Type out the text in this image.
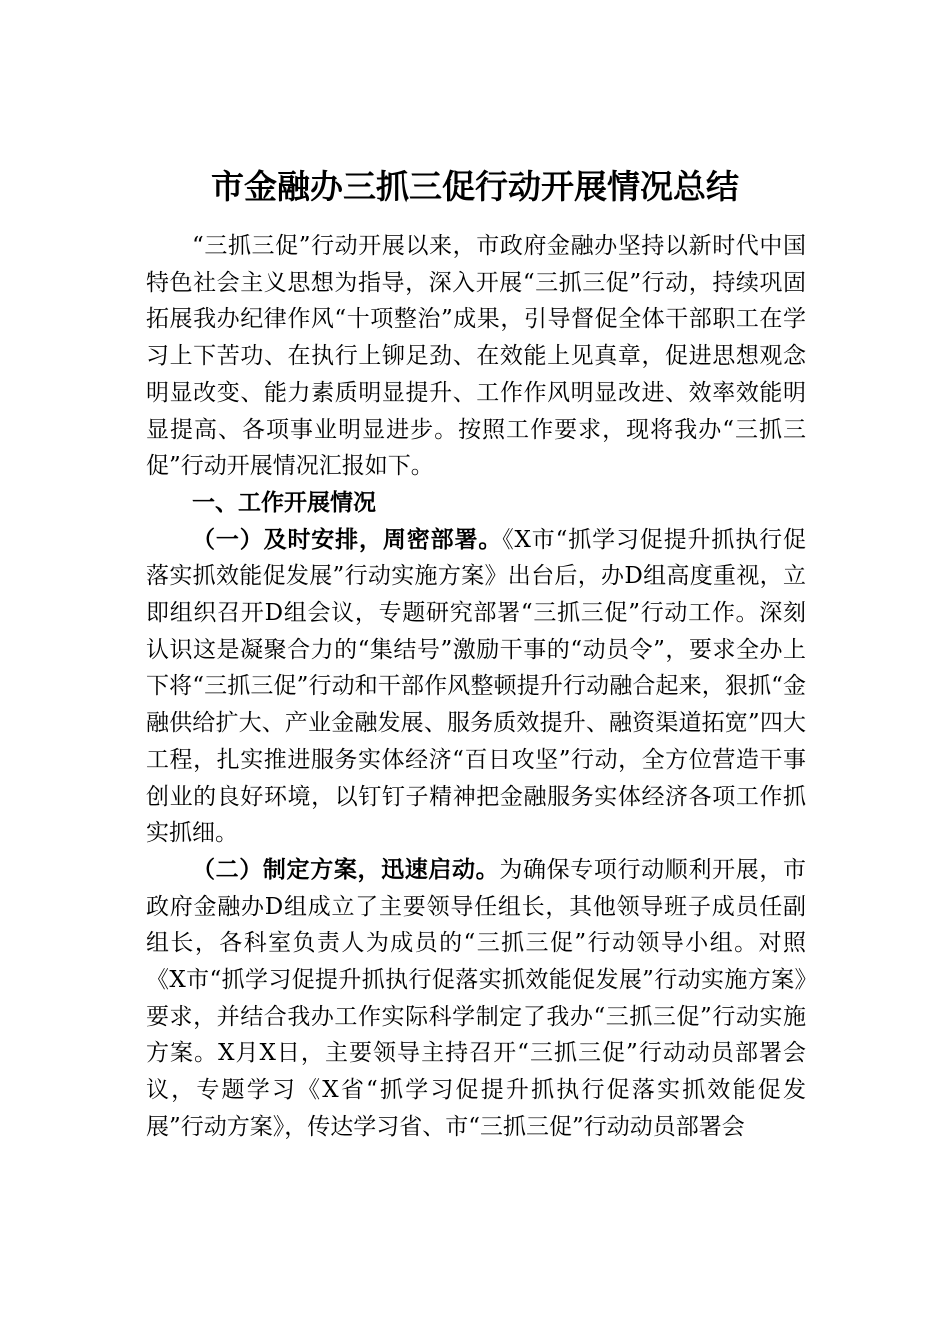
市金融办三抓三促行动开展情况总结

“三抓三促”行动开展以来，市政府金融办坚持以新时代中国特色社会主义思想为指导，深入开展“三抓三促”行动，持续巩固拓展我办纪律作风“十项整治”成果，引导督促全体干部职工在学习上下苦功、在执行上铆足劲、在效能上见真章，促进思想观念明显改变、能力素质明显提升、工作作风明显改进、效率效能明显提高、各项事业明显进步。按照工作要求，现将我办“三抓三促”行动开展情况汇报如下。

一、工作开展情况

（一）及时安排，周密部署。《X市“抓学习促提升抓执行促落实抓效能促发展”行动实施方案》出台后，办D组高度重视，立即组织召开D组会议，专题研究部署“三抓三促”行动工作。深刻认识这是凝聚合力的“集结号”激励干事的“动员令”，要求全办上下将“三抓三促”行动和干部作风整顿提升行动融合起来，狠抓“金融供给扩大、产业金融发展、服务质效提升、融资渠道拓宽”四大工程，扎实推进服务实体经济“百日攻坚”行动，全方位营造干事创业的良好环境，以钉钉子精神把金融服务实体经济各项工作抓实抓细。

（二）制定方案，迅速启动。为确保专项行动顺利开展，市政府金融办D组成立了主要领导任组长，其他领导班子成员任副组长，各科室负责人为成员的“三抓三促”行动领导小组。对照《X市“抓学习促提升抓执行促落实抓效能促发展”行动实施方案》要求，并结合我办工作实际科学制定了我办“三抓三促”行动实施方案。X月X日，主要领导主持召开“三抓三促”行动动员部署会议，专题学习《X省“抓学习促提升抓执行促落实抓效能促发展”行动方案》，传达学习省、市“三抓三促”行动动员部署会
